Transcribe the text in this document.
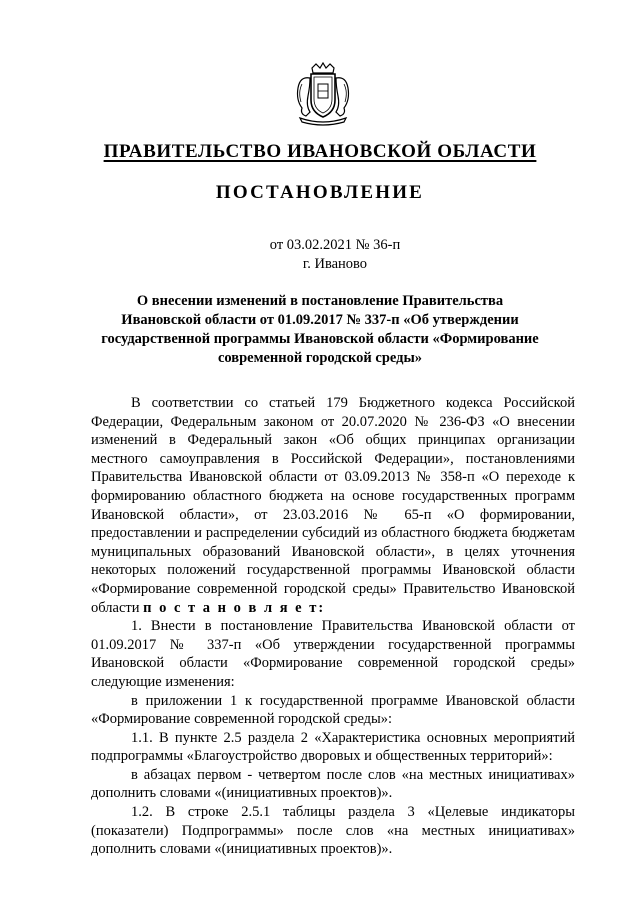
ПРАВИТЕЛЬСТВО ИВАНОВСКОЙ ОБЛАСТИ
ПОСТАНОВЛЕНИЕ
от 03.02.2021 № 36-п
г. Иваново
О внесении изменений в постановление Правительства Ивановской области от 01.09.2017 № 337-п «Об утверждении государственной программы Ивановской области «Формирование современной городской среды»

В соответствии со статьей 179 Бюджетного кодекса Российской Федерации, Федеральным законом от 20.07.2020 № 236-ФЗ «О внесении изменений в Федеральный закон «Об общих принципах организации местного самоуправления в Российской Федерации», постановлениями Правительства Ивановской области от 03.09.2013 № 358-п «О переходе к формированию областного бюджета на основе государственных программ Ивановской области», от 23.03.2016 № 65-п «О формировании, предоставлении и распределении субсидий из областного бюджета бюджетам муниципальных образований Ивановской области», в целях уточнения некоторых положений государственной программы Ивановской области «Формирование современной городской среды» Правительство Ивановской области п о с т а н о в л я е т:

1. Внести в постановление Правительства Ивановской области от 01.09.2017 № 337-п «Об утверждении государственной программы Ивановской области «Формирование современной городской среды» следующие изменения:

в приложении 1 к государственной программе Ивановской области «Формирование современной городской среды»:

1.1. В пункте 2.5 раздела 2 «Характеристика основных мероприятий подпрограммы «Благоустройство дворовых и общественных территорий»:

в абзацах первом - четвертом после слов «на местных инициативах» дополнить словами «(инициативных проектов)».

1.2. В строке 2.5.1 таблицы раздела 3 «Целевые индикаторы (показатели) Подпрограммы» после слов «на местных инициативах» дополнить словами «(инициативных проектов)».
